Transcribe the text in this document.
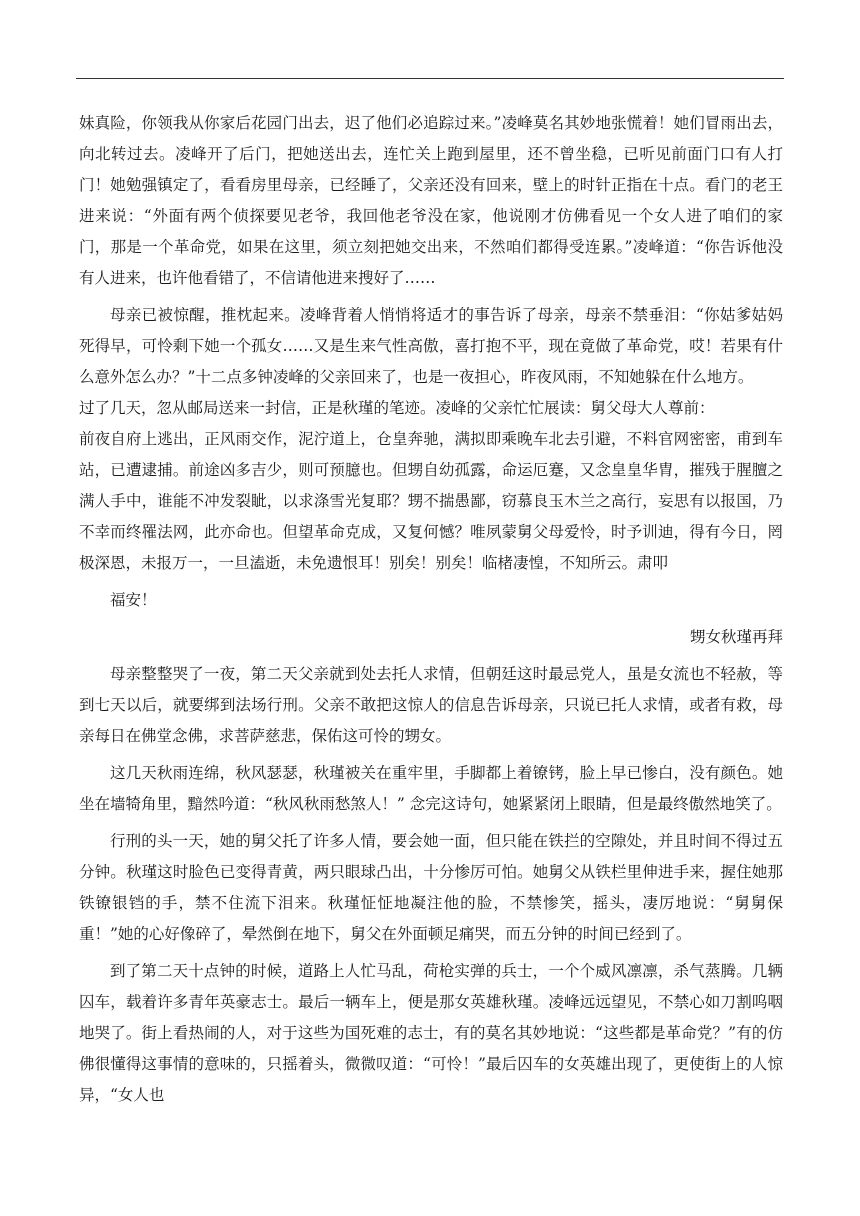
妹真险，你领我从你家后花园门出去，迟了他们必追踪过来。”凌峰莫名其妙地张慌着！她们冒雨出去，向北转过去。凌峰开了后门，把她送出去，连忙关上跑到屋里，还不曾坐稳，已听见前面门口有人打门！她勉强镇定了，看看房里母亲，已经睡了，父亲还没有回来，壁上的时针正指在十点。看门的老王进来说：“外面有两个侦探要见老爷，我回他老爷没在家，他说刚才仿佛看见一个女人进了咱们的家门，那是一个革命党，如果在这里，须立刻把她交出来，不然咱们都得受连累。”凌峰道：“你告诉他没有人进来，也许他看错了，不信请他进来搜好了……

母亲已被惊醒，推枕起来。凌峰背着人悄悄将适才的事告诉了母亲，母亲不禁垂泪：“你姑爹姑妈死得早，可怜剩下她一个孤女……又是生来气性高傲，喜打抱不平，现在竟做了革命党，哎！若果有什么意外怎么办？”十二点多钟凌峰的父亲回来了，也是一夜担心，昨夜风雨，不知她躲在什么地方。

过了几天，忽从邮局送来一封信，正是秋瑾的笔迹。凌峰的父亲忙忙展读：舅父母大人尊前：

前夜自府上逃出，正风雨交作，泥泞道上，仓皇奔驰，满拟即乘晚车北去引避，不料官网密密，甫到车站，已遭逮捕。前途凶多吉少，则可预臆也。但甥自幼孤露，命运厄蹇，又念皇皇华胄，摧残于腥膻之满人手中，谁能不冲发裂眦，以求涤雪光复耶？甥不揣愚鄙，窃慕良玉木兰之高行，妄思有以报国，乃不幸而终罹法网，此亦命也。但望革命克成，又复何憾？唯夙蒙舅父母爱怜，时予训迪，得有今日，罔极深恩，未报万一，一旦溘逝，未免遗恨耳！别矣！别矣！临楮凄惶，不知所云。肃叩

福安！

甥女秋瑾再拜

母亲整整哭了一夜，第二天父亲就到处去托人求情，但朝廷这时最忌党人，虽是女流也不轻赦，等到七天以后，就要绑到法场行刑。父亲不敢把这惊人的信息告诉母亲，只说已托人求情，或者有救，母亲每日在佛堂念佛，求菩萨慈悲，保佑这可怜的甥女。

这几天秋雨连绵，秋风瑟瑟，秋瑾被关在重牢里，手脚都上着镣铐，脸上早已惨白，没有颜色。她坐在墙犄角里，黯然吟道：“秋风秋雨愁煞人！” 念完这诗句，她紧紧闭上眼睛，但是最终傲然地笑了。

行刑的头一天，她的舅父托了许多人情，要会她一面，但只能在铁拦的空隙处，并且时间不得过五分钟。秋瑾这时脸色已变得青黄，两只眼球凸出，十分惨厉可怕。她舅父从铁栏里伸进手来，握住她那铁镣银铛的手，禁不住流下泪来。秋瑾怔怔地凝注他的脸，不禁惨笑，摇头，凄厉地说：“舅舅保重！”她的心好像碎了，晕然倒在地下，舅父在外面顿足痛哭，而五分钟的时间已经到了。

到了第二天十点钟的时候，道路上人忙马乱，荷枪实弹的兵士，一个个威风凛凛，杀气蒸腾。几辆囚车，载着许多青年英豪志士。最后一辆车上，便是那女英雄秋瑾。凌峰远远望见，不禁心如刀割呜咽地哭了。街上看热闹的人，对于这些为国死难的志士，有的莫名其妙地说：“这些都是革命党？”有的仿佛很懂得这事情的意味的，只摇着头，微微叹道：“可怜！”最后囚车的女英雄出现了，更使街上的人惊异，“女人也
